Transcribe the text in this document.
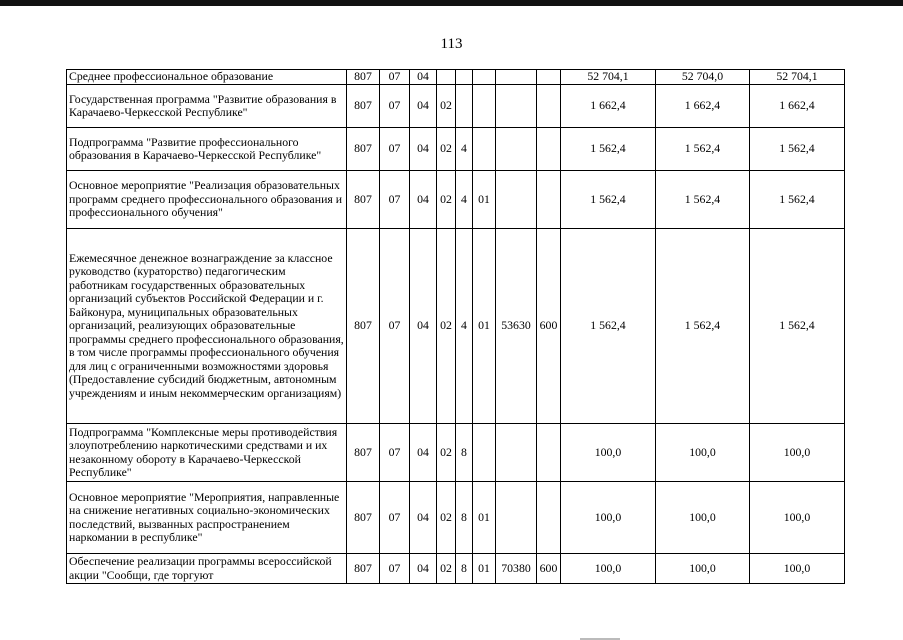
113
Среднее профессиональное образование	807	07	04						52 704,1	52 704,0	52 704,1
Государственная программа "Развитие образования в Карачаево-Черкесской Республике"	807	07	04	02					1 662,4	1 662,4	1 662,4
Подпрограмма "Развитие профессионального образования в Карачаево-Черкесской Республике"	807	07	04	02	4				1 562,4	1 562,4	1 562,4
Основное мероприятие "Реализация образовательных программ среднего профессионального образования и профессионального обучения"	807	07	04	02	4	01			1 562,4	1 562,4	1 562,4
Ежемесячное денежное вознаграждение за классное руководство (кураторство) педагогическим работникам государственных образовательных организаций субъектов Российской Федерации и г. Байконура, муниципальных образовательных организаций, реализующих образовательные программы среднего профессионального образования, в том числе программы профессионального обучения для лиц с ограниченными возможностями здоровья (Предоставление субсидий бюджетным, автономным учреждениям и иным некоммерческим организациям)	807	07	04	02	4	01	53630	600	1 562,4	1 562,4	1 562,4
Подпрограмма "Комплексные меры противодействия злоупотреблению наркотическими средствами и их незаконному обороту в Карачаево-Черкесской Республике"	807	07	04	02	8				100,0	100,0	100,0
Основное мероприятие "Мероприятия, направленные на снижение негативных социально-экономических последствий, вызванных распространением наркомании в республике"	807	07	04	02	8	01			100,0	100,0	100,0
Обеспечение реализации программы всероссийской акции "Сообщи, где торгуют	807	07	04	02	8	01	70380	600	100,0	100,0	100,0
